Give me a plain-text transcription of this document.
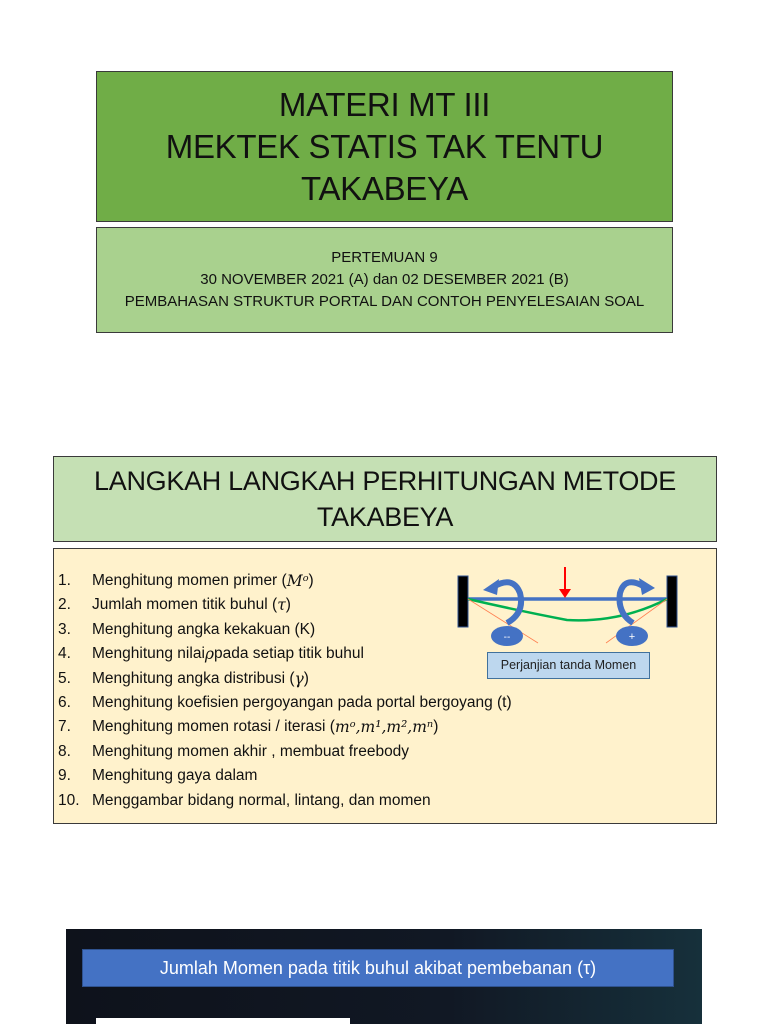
MATERI MT III
MEKTEK STATIS TAK TENTU
TAKABEYA
PERTEMUAN 9
30 NOVEMBER 2021 (A) dan 02 DESEMBER 2021 (B)
PEMBAHASAN STRUKTUR PORTAL DAN CONTOH PENYELESAIAN SOAL
LANGKAH LANGKAH PERHITUNGAN METODE
TAKABEYA
1.	Menghitung momen primer ( Mᵒ )
2.	Jumlah momen titik buhul ( τ )
3.	Menghitung angka kekakuan (K)
4.	Menghitung nilai ρ pada setiap titik buhul
5.	Menghitung angka distribusi ( γ )
6.	Menghitung koefisien pergoyangan pada portal bergoyang (t)
7.	Menghitung momen rotasi / iterasi ( mᵒ,m¹,m²,mⁿ )
8.	Menghitung momen akhir , membuat freebody
9.	Menghitung gaya dalam
10. Menggambar bidang normal, lintang, dan momen
--	+
Perjanjian tanda Momen
Jumlah Momen pada titik buhul akibat pembebanan (τ)
